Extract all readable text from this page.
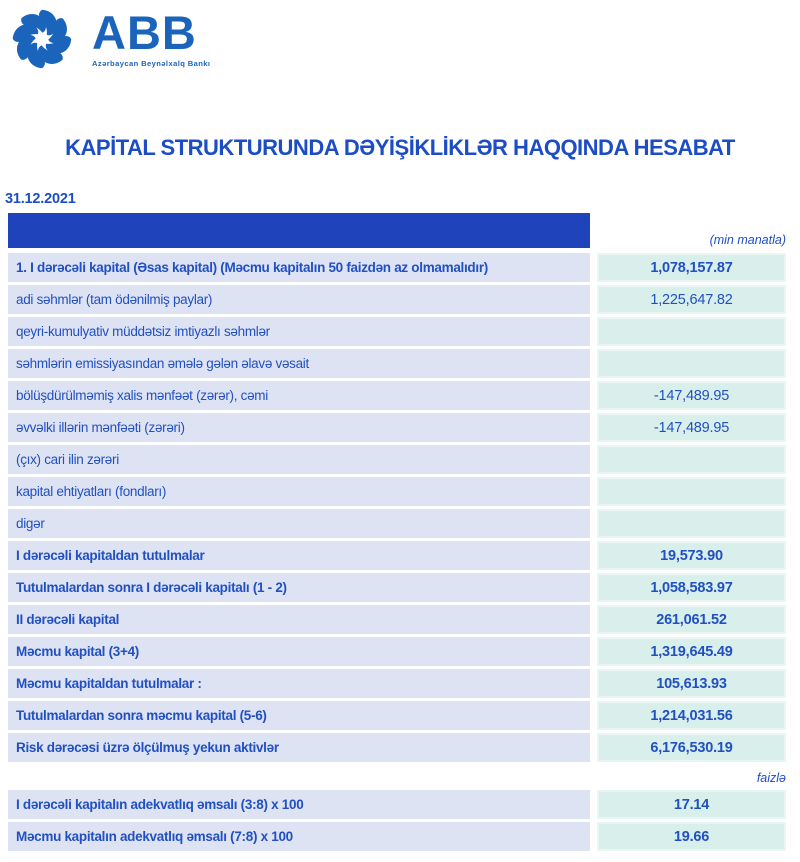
ABB
Azərbaycan Beynəlxalq Bankı
KAPİTAL STRUKTURUNDA DƏYİŞİKLİKLƏR HAQQINDA HESABAT
31.12.2021
(min manatla)
1. I dərəcəli kapital (Əsas kapital) (Məcmu kapitalın 50 faizdən az olmamalıdır)	1,078,157.87
adi səhmlər (tam ödənilmiş paylar)	1,225,647.82
qeyri-kumulyativ müddətsiz imtiyazlı səhmlər
səhmlərin emissiyasından əmələ gələn əlavə vəsait
bölüşdürülməmiş xalis mənfəət (zərər), cəmi	-147,489.95
əvvəlki illərin mənfəəti (zərəri)	-147,489.95
(çıx) cari ilin zərəri
kapital ehtiyatları (fondları)
digər
I dərəcəli kapitaldan tutulmalar	19,573.90
Tutulmalardan sonra I dərəcəli kapitalı (1 - 2)	1,058,583.97
II dərəcəli kapital	261,061.52
Məcmu kapital (3+4)	1,319,645.49
Məcmu kapitaldan tutulmalar :	105,613.93
Tutulmalardan sonra məcmu kapital (5-6)	1,214,031.56
Risk dərəcəsi üzrə ölçülmuş yekun aktivlər	6,176,530.19
faizlə
I dərəcəli kapitalın adekvatlıq əmsalı (3:8) x 100	17.14
Məcmu kapitalın adekvatlıq əmsalı (7:8) x 100	19.66
